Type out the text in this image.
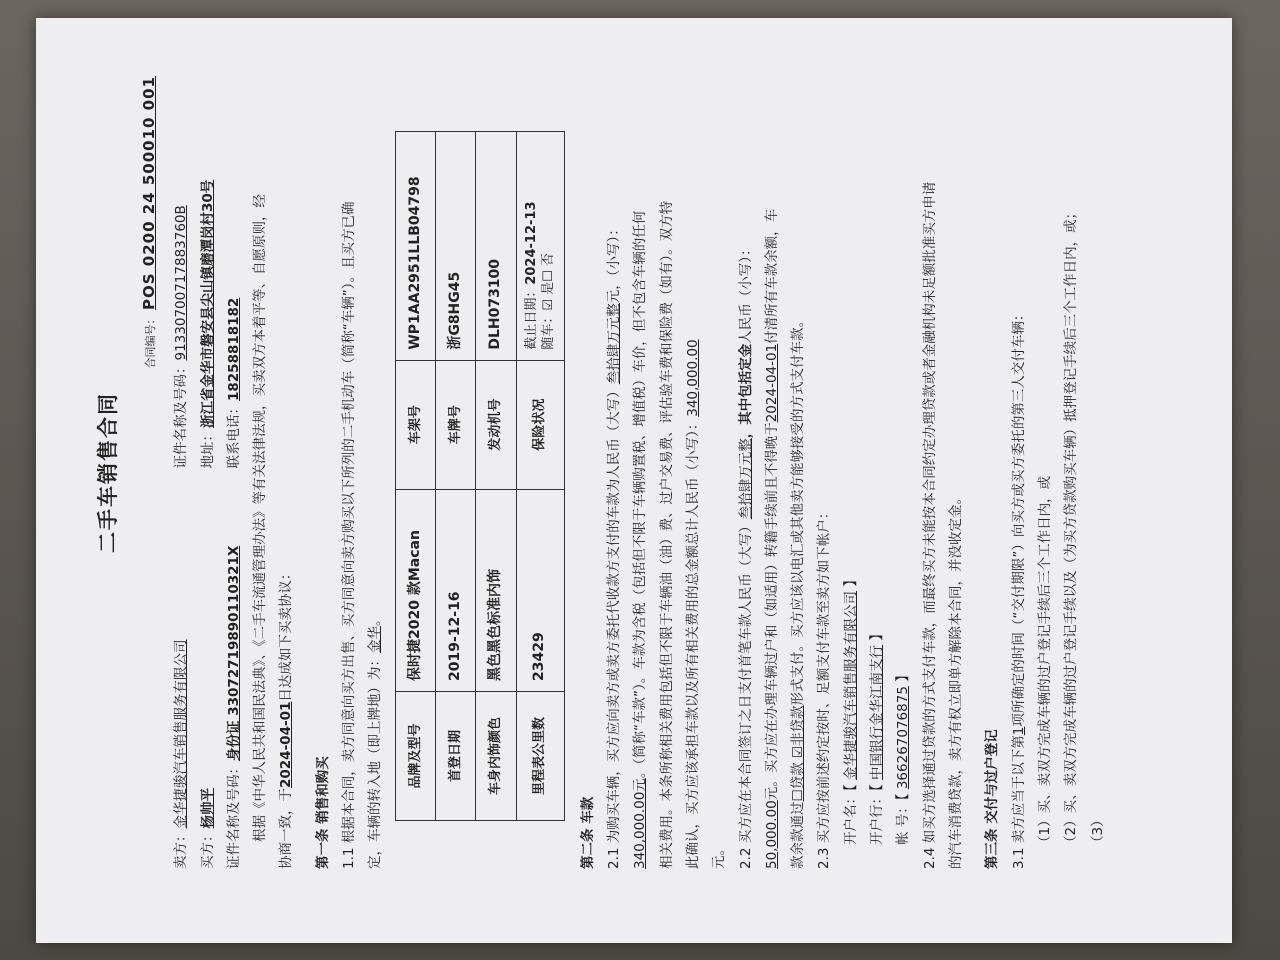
二手车销售合同
合同编号： POS 0200 24 500010 001
卖方：金华捷骏汽车销售服务有限公司
证件名称及号码：91330700717883760B
买方：杨帅平
地址：浙江省金华市磐安县尖山镇磨潭岗村30号
证件名称及号码：身份证 330727198901103​21X
联系电话：18258818182 根据《中华人民共和国民法典》、《二手车流通管理办法》等有关法律法规，买卖双方本着平等、自愿原则，经 协商一致，于2024-04-01日达成如下买卖协议：

第一条 销售和购买 1.1 根据本合同，卖方同意向买方出售、买方同意向卖方购买以下所列的二手机动车（简称“车辆”）。且买方已确 定，车辆的转入地（即上牌地）为：金华。

品牌及型号	保时捷2020 款Macan	车架号	WP1AA2951LLB04798
首登日期	2019-12-16	车牌号	浙G8HG45
车身内饰颜色	黑色黑色标准内饰	发动机号	DLH073100
里程表公里数	23429	保险状况	截止日期：2024-12-13
随车：☑ 是☐ 否
第二条 车款 2.1 为购买车辆，买方应向卖方或卖方委托代收款方支付的车款为人民币（大写）叁拾肆万元整元，（小写）：
340,000.00元。（简称“车款”）。车款为含税（包括但不限于车辆购置税、增值税）车价，但不包含车辆的任何 相关费用。本条所称相关费用包括但不限于车辆油（油）费、过户交易费、评估验车费和保险费（如有）。双方特 此确认，买方应该承担车款以及所有相关费用的总金额总计人民币（小写）：340,000.00
元。 2.2 买方应在本合同签订之日支付首笔车款人民币（大写）叁拾肆万元整，其中包括定金人民币（小写）：
50,000.00元。买方应在办理车辆过户和（如适用）转籍手续前且不得晚于2024-04-01付清所有车款余额，车
款余款通过☐贷款 ☑非贷款形式支付。买方应该以电汇或其他卖方能够接受的方式支付车款。 2.3 买方应按前述约定按时、足额支付车款至卖方如下帐户： 开户名：【 金华捷骏汽车销售服务有限公司 】
开户行：【 中国银行金华江南支行 】
帐 号：【 366267076875 】 2.4 如买方选择通过贷款的方式支付车款，而最终买方未能按本合同约定办理贷款或者金融机构未足额批准买方申请 的汽车消费贷款，卖方有权立即单方解除本合同，并没收定金。	第三条 交付与过户登记 3.1 卖方应当于以下第1项所确定的时间（“交付期限”）向买方或买方委托的第三人交付车辆： （1）买、卖双方完成车辆的过户登记手续后三个工作日内，或 （2）买、卖双方完成车辆的过户登记手续以及（为买方贷款购买车辆）抵押登记手续后三个工作日内，或； （3）
